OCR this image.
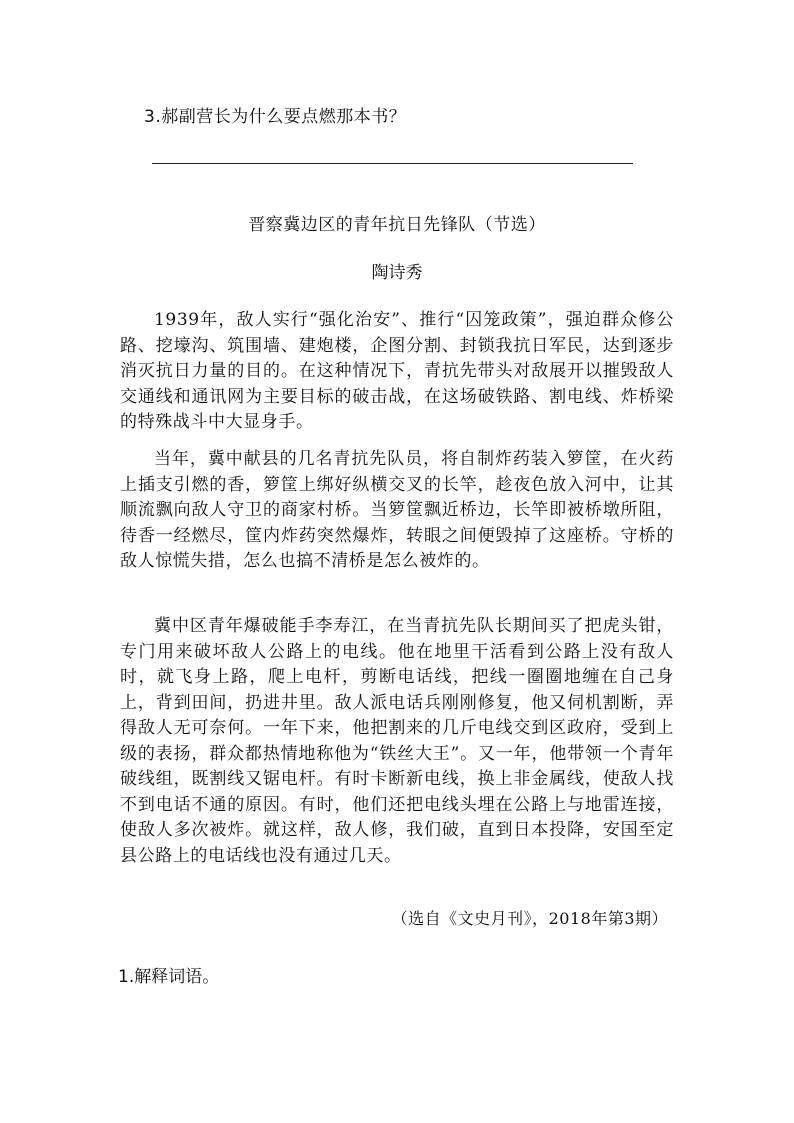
3.郝副营长为什么要点燃那本书？
晋察冀边区的青年抗日先锋队（节选）
陶诗秀

1939年，敌人实行“强化治安”、推行“囚笼政策”，强迫群众修公路、挖壕沟、筑围墙、建炮楼，企图分割、封锁我抗日军民，达到逐步消灭抗日力量的目的。在这种情况下，青抗先带头对敌展开以摧毁敌人交通线和通讯网为主要目标的破击战，在这场破铁路、割电线、炸桥梁的特殊战斗中大显身手。

当年，冀中献县的几名青抗先队员，将自制炸药装入箩筐，在火药上插支引燃的香，箩筐上绑好纵横交叉的长竿，趁夜色放入河中，让其顺流飘向敌人守卫的商家村桥。当箩筐飘近桥边，长竿即被桥墩所阻，待香一经燃尽，筐内炸药突然爆炸，转眼之间便毁掉了这座桥。守桥的敌人惊慌失措，怎么也搞不清桥是怎么被炸的。

冀中区青年爆破能手李寿江，在当青抗先队长期间买了把虎头钳，专门用来破坏敌人公路上的电线。他在地里干活看到公路上没有敌人时，就飞身上路，爬上电杆，剪断电话线，把线一圈圈地缠在自己身上，背到田间，扔进井里。敌人派电话兵刚刚修复，他又伺机割断，弄得敌人无可奈何。一年下来，他把割来的几斤电线交到区政府，受到上级的表扬，群众都热情地称他为“铁丝大王”。又一年，他带领一个青年破线组，既割线又锯电杆。有时卡断新电线，换上非金属线，使敌人找不到电话不通的原因。有时，他们还把电线头埋在公路上与地雷连接，使敌人多次被炸。就这样，敌人修，我们破，直到日本投降，安国至定县公路上的电话线也没有通过几天。

（选自《文史月刊》，2018年第3期）
1.解释词语。
